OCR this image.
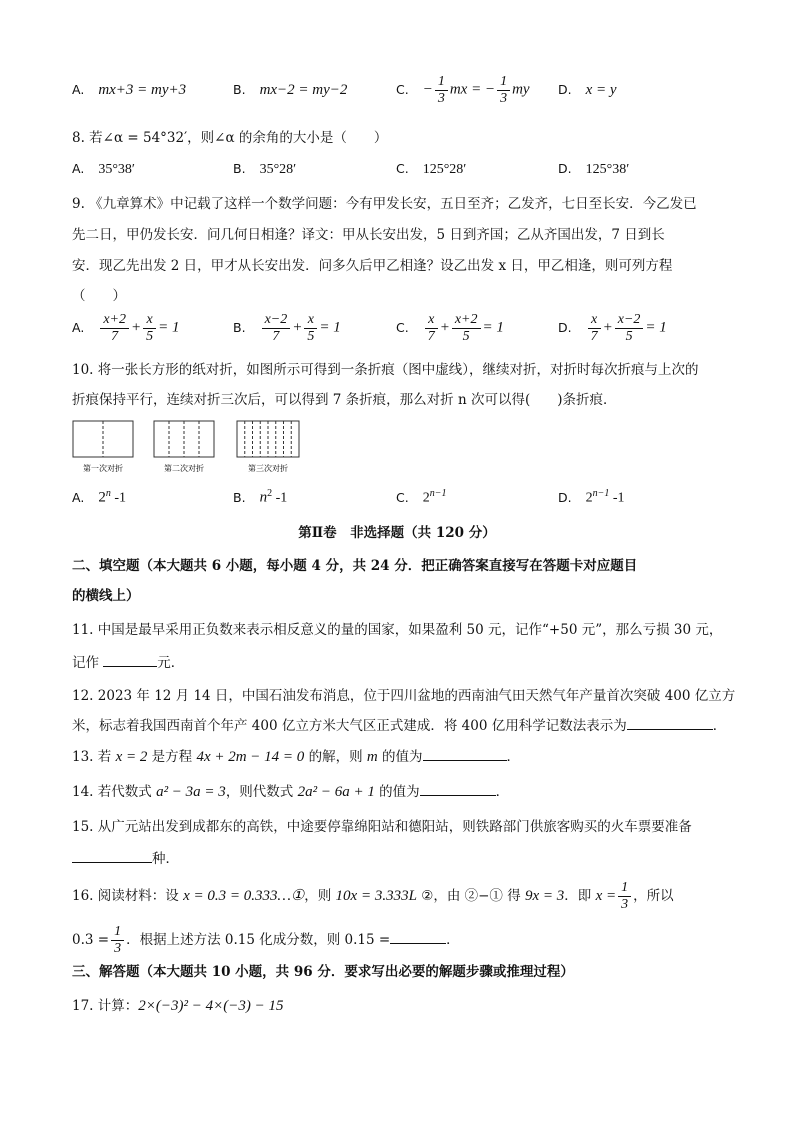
A. mx+3 = my+3	B. mx−2 = my−2	C. − $\frac{1}{3}$ mx = − $\frac{1}{3}$ my D. x = y
8. 若∠α = 54°32′，则∠α 的余角的大小是（　　）
A. 35°38′	B. 35°28′	C. 125°28′	D. 125°38′
9. 《九章算术》中记载了这样一个数学问题：今有甲发长安，五日至齐；乙发齐，七日至长安．今乙发已
先二日，甲仍发长安．问几何日相逢？译文：甲从长安出发，5 日到齐国；乙从齐国出发，7 日到长
安．现乙先出发 2 日，甲才从长安出发．问多久后甲乙相逢？设乙出发 x 日，甲乙相逢，则可列方程
（　　）
A. $\frac{x+2}{7} + \frac{x}{5} = 1$	B. $\frac{x-2}{7} + \frac{x}{5} = 1$	C. $\frac{x}{7} + \frac{x+2}{5} = 1$	D. $\frac{x}{7} + \frac{x-2}{5} = 1$
10. 将一张长方形的纸对折，如图所示可得到一条折痕（图中虚线），继续对折，对折时每次折痕与上次的
折痕保持平行，连续对折三次后，可以得到 7 条折痕，那么对折 n 次可以得(　　)条折痕．
第一次对折	第二次对折	第三次对折
A. 2$^n$ -1	B. $n^2$ -1	C. $2^{n-1}$	D. $2^{n-1}$ -1
第Ⅱ卷　非选择题（共 120 分）
二、填空题（本大题共 6 小题，每小题 4 分，共 24 分．把正确答案直接写在答题卡对应题目
的横线上）
11. 中国是最早采用正负数来表示相反意义的量的国家，如果盈利 50 元，记作“+50 元”，那么亏损 30 元，
记作	元．
12. 2023 年 12 月 14 日，中国石油发布消息，位于四川盆地的西南油气田天然气年产量首次突破 400 亿立方
米，标志着我国西南首个年产 400 亿立方米大气区正式建成．将 400 亿用科学记数法表示为	．
13. 若 x = 2 是方程 4x + 2m − 14 = 0 的解，则 m 的值为	．
14. 若代数式 a² − 3a = 3，则代数式 2a² − 6a + 1 的值为	．
15. 从广元站出发到成都东的高铁，中途要停靠绵阳站和德阳站，则铁路部门供旅客购买的火车票要准备
种．
16. 阅读材料：设 x = 0.3 = 0.333…①，则 10x = 3.333L ②，由 ②−① 得 9x = 3．即 $x = \frac{1}{3}$ ，所以
$0.3 = \frac{1}{3}$ ．根据上述方法 0.15 化成分数，则 0.15 =	．
三、解答题（本大题共 10 小题，共 96 分．要求写出必要的解题步骤或推理过程）
17. 计算：2×(−3)² − 4×(−3) − 15
